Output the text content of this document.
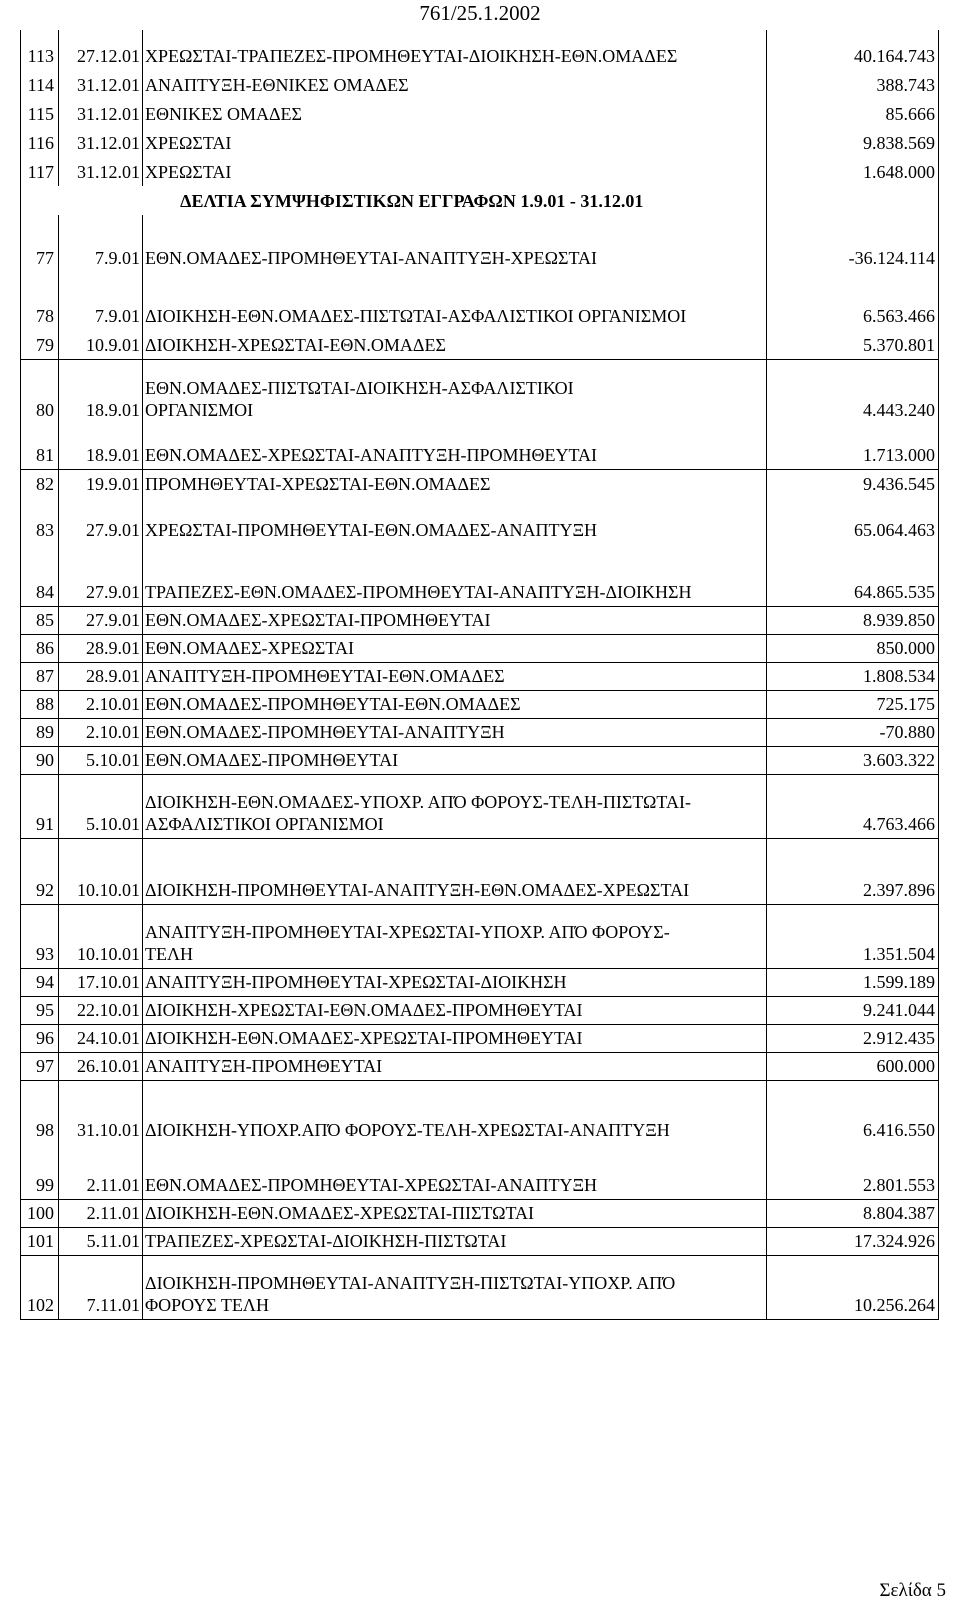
761/25.1.2002
113	27.12.01	ΧΡΕΩΣΤΑΙ-ΤΡΑΠΕΖΕΣ-ΠΡΟΜΗΘΕΥΤΑΙ-ΔΙΟΙΚΗΣΗ-ΕΘΝ.ΟΜΑΔΕΣ	40.164.743
114	31.12.01	ΑΝΑΠΤΥΞΗ-ΕΘΝΙΚΕΣ ΟΜΑΔΕΣ	388.743
115	31.12.01	ΕΘΝΙΚΕΣ ΟΜΑΔΕΣ	85.666
116	31.12.01	ΧΡΕΩΣΤΑΙ	9.838.569
117	31.12.01	ΧΡΕΩΣΤΑΙ	1.648.000
	ΔΕΛΤΙΑ ΣΥΜΨΗΦΙΣΤΙΚΩΝ ΕΓΓΡΑΦΩΝ 1.9.01 - 31.12.01		
77	7.9.01	ΕΘΝ.ΟΜΑΔΕΣ-ΠΡΟΜΗΘΕΥΤΑΙ-ΑΝΑΠΤΥΞΗ-ΧΡΕΩΣΤΑΙ	-36.124.114
78	7.9.01	ΔΙΟΙΚΗΣΗ-ΕΘΝ.ΟΜΑΔΕΣ-ΠΙΣΤΩΤΑΙ-ΑΣΦΑΛΙΣΤΙΚΟΙ ΟΡΓΑΝΙΣΜΟΙ	6.563.466
79	10.9.01	ΔΙΟΙΚΗΣΗ-ΧΡΕΩΣΤΑΙ-ΕΘΝ.ΟΜΑΔΕΣ	5.370.801
80	18.9.01	ΕΘΝ.ΟΜΑΔΕΣ-ΠΙΣΤΩΤΑΙ-ΔΙΟΙΚΗΣΗ-ΑΣΦΑΛΙΣΤΙΚΟΙ ΟΡΓΑΝΙΣΜΟΙ	4.443.240
81	18.9.01	ΕΘΝ.ΟΜΑΔΕΣ-ΧΡΕΩΣΤΑΙ-ΑΝΑΠΤΥΞΗ-ΠΡΟΜΗΘΕΥΤΑΙ	1.713.000
82	19.9.01	ΠΡΟΜΗΘΕΥΤΑΙ-ΧΡΕΩΣΤΑΙ-ΕΘΝ.ΟΜΑΔΕΣ	9.436.545
83	27.9.01	ΧΡΕΩΣΤΑΙ-ΠΡΟΜΗΘΕΥΤΑΙ-ΕΘΝ.ΟΜΑΔΕΣ-ΑΝΑΠΤΥΞΗ	65.064.463
84	27.9.01	ΤΡΑΠΕΖΕΣ-ΕΘΝ.ΟΜΑΔΕΣ-ΠΡΟΜΗΘΕΥΤΑΙ-ΑΝΑΠΤΥΞΗ-ΔΙΟΙΚΗΣΗ	64.865.535
85	27.9.01	ΕΘΝ.ΟΜΑΔΕΣ-ΧΡΕΩΣΤΑΙ-ΠΡΟΜΗΘΕΥΤΑΙ	8.939.850
86	28.9.01	ΕΘΝ.ΟΜΑΔΕΣ-ΧΡΕΩΣΤΑΙ	850.000
87	28.9.01	ΑΝΑΠΤΥΞΗ-ΠΡΟΜΗΘΕΥΤΑΙ-ΕΘΝ.ΟΜΑΔΕΣ	1.808.534
88	2.10.01	ΕΘΝ.ΟΜΑΔΕΣ-ΠΡΟΜΗΘΕΥΤΑΙ-ΕΘΝ.ΟΜΑΔΕΣ	725.175
89	2.10.01	ΕΘΝ.ΟΜΑΔΕΣ-ΠΡΟΜΗΘΕΥΤΑΙ-ΑΝΑΠΤΥΞΗ	-70.880
90	5.10.01	ΕΘΝ.ΟΜΑΔΕΣ-ΠΡΟΜΗΘΕΥΤΑΙ	3.603.322
91	5.10.01	ΔΙΟΙΚΗΣΗ-ΕΘΝ.ΟΜΑΔΕΣ-ΥΠΟΧΡ. ΑΠΌ ΦΟΡΟΥΣ-ΤΕΛΗ-ΠΙΣΤΩΤΑΙ-ΑΣΦΑΛΙΣΤΙΚΟΙ ΟΡΓΑΝΙΣΜΟΙ	4.763.466
92	10.10.01	ΔΙΟΙΚΗΣΗ-ΠΡΟΜΗΘΕΥΤΑΙ-ΑΝΑΠΤΥΞΗ-ΕΘΝ.ΟΜΑΔΕΣ-ΧΡΕΩΣΤΑΙ	2.397.896
93	10.10.01	ΑΝΑΠΤΥΞΗ-ΠΡΟΜΗΘΕΥΤΑΙ-ΧΡΕΩΣΤΑΙ-ΥΠΟΧΡ. ΑΠΌ ΦΟΡΟΥΣ-ΤΕΛΗ	1.351.504
94	17.10.01	ΑΝΑΠΤΥΞΗ-ΠΡΟΜΗΘΕΥΤΑΙ-ΧΡΕΩΣΤΑΙ-ΔΙΟΙΚΗΣΗ	1.599.189
95	22.10.01	ΔΙΟΙΚΗΣΗ-ΧΡΕΩΣΤΑΙ-ΕΘΝ.ΟΜΑΔΕΣ-ΠΡΟΜΗΘΕΥΤΑΙ	9.241.044
96	24.10.01	ΔΙΟΙΚΗΣΗ-ΕΘΝ.ΟΜΑΔΕΣ-ΧΡΕΩΣΤΑΙ-ΠΡΟΜΗΘΕΥΤΑΙ	2.912.435
97	26.10.01	ΑΝΑΠΤΥΞΗ-ΠΡΟΜΗΘΕΥΤΑΙ	600.000
98	31.10.01	ΔΙΟΙΚΗΣΗ-ΥΠΟΧΡ.ΑΠΌ ΦΟΡΟΥΣ-ΤΕΛΗ-ΧΡΕΩΣΤΑΙ-ΑΝΑΠΤΥΞΗ	6.416.550
99	2.11.01	ΕΘΝ.ΟΜΑΔΕΣ-ΠΡΟΜΗΘΕΥΤΑΙ-ΧΡΕΩΣΤΑΙ-ΑΝΑΠΤΥΞΗ	2.801.553
100	2.11.01	ΔΙΟΙΚΗΣΗ-ΕΘΝ.ΟΜΑΔΕΣ-ΧΡΕΩΣΤΑΙ-ΠΙΣΤΩΤΑΙ	8.804.387
101	5.11.01	ΤΡΑΠΕΖΕΣ-ΧΡΕΩΣΤΑΙ-ΔΙΟΙΚΗΣΗ-ΠΙΣΤΩΤΑΙ	17.324.926
102	7.11.01	ΔΙΟΙΚΗΣΗ-ΠΡΟΜΗΘΕΥΤΑΙ-ΑΝΑΠΤΥΞΗ-ΠΙΣΤΩΤΑΙ-ΥΠΟΧΡ. ΑΠΌ ΦΟΡΟΥΣ ΤΕΛΗ	10.256.264
Σελίδα 5
